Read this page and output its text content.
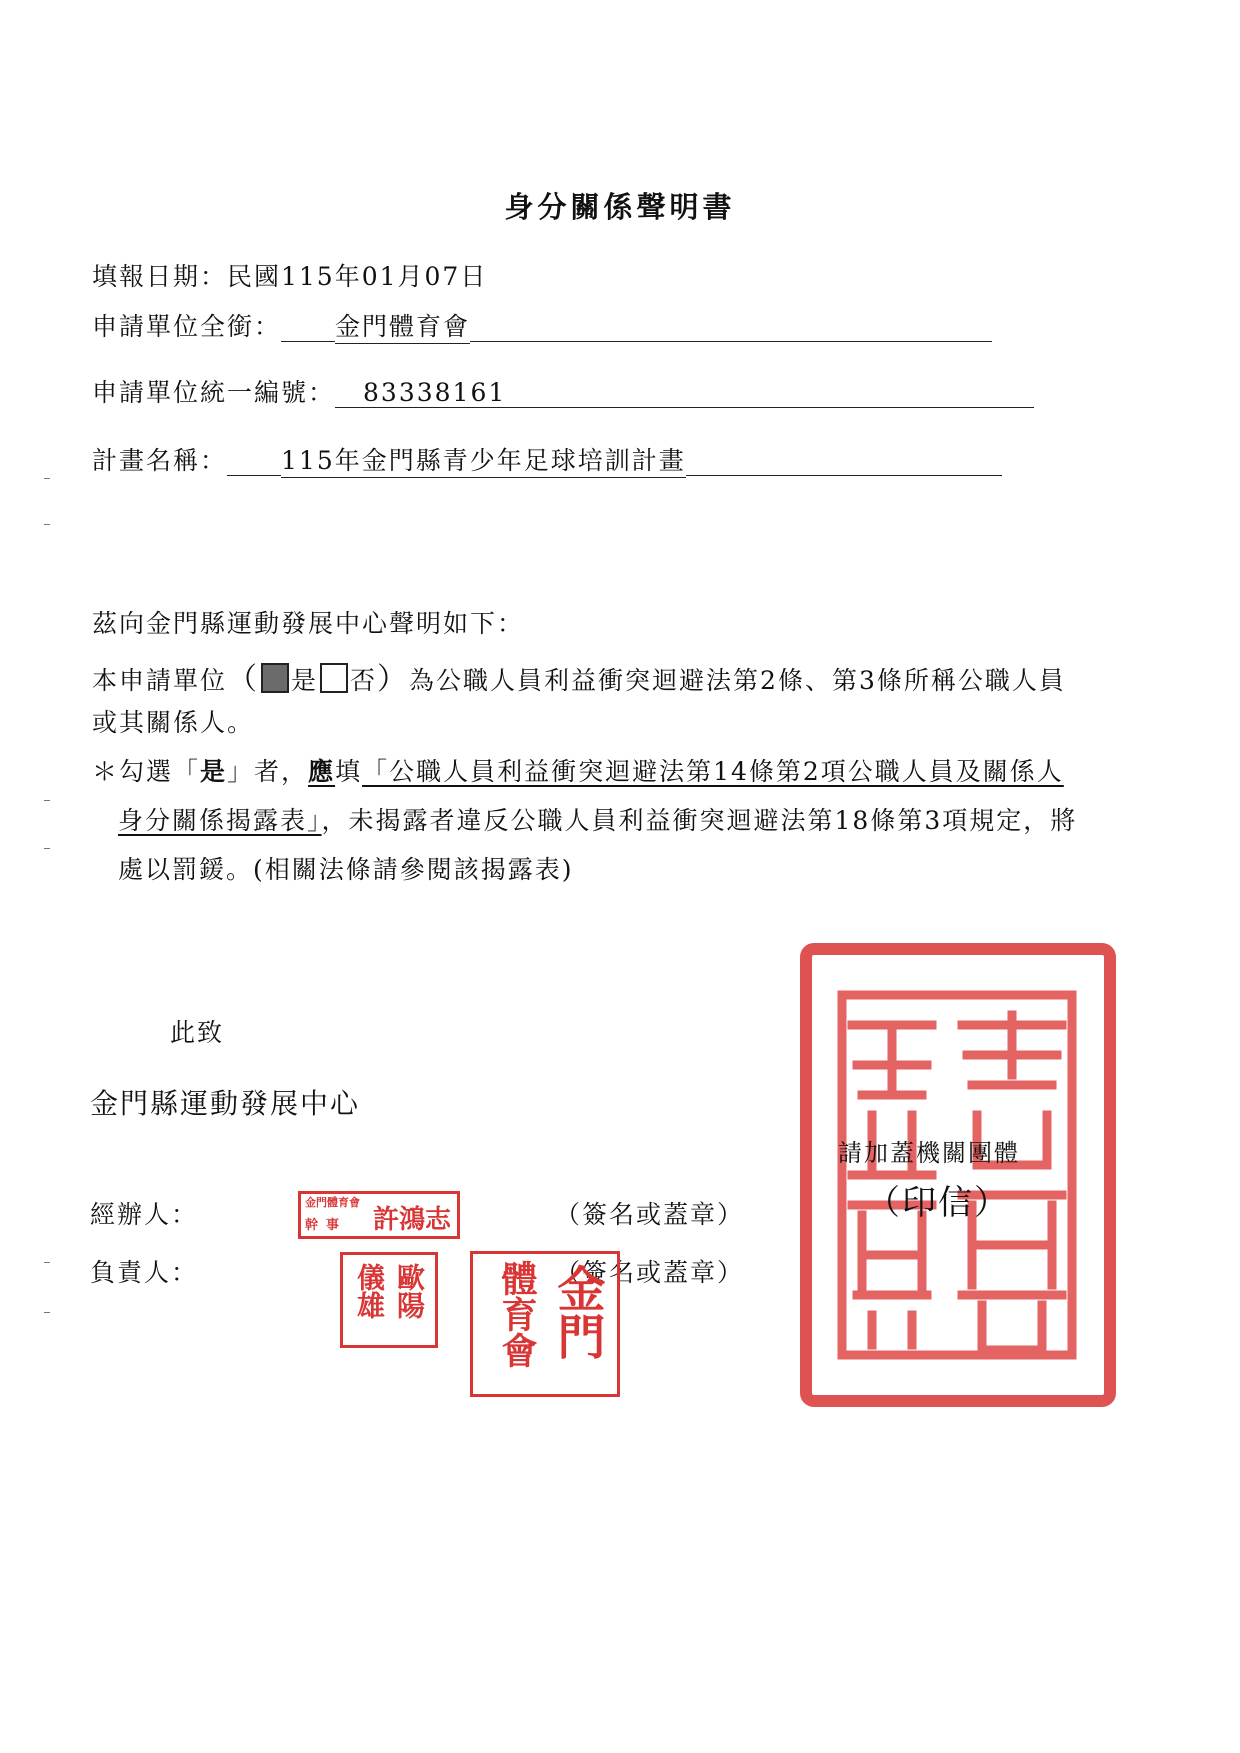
身分關係聲明書
填報日期：民國115年01月07日
申請單位全銜： 金門體育會
申請單位統一編號： 83338161
計畫名稱： 115年金門縣青少年足球培訓計畫
茲向金門縣運動發展中心聲明如下：
本申請單位（ 是 否）為公職人員利益衝突迴避法第2條、第3條所稱公職人員
或其關係人。
＊勾選「是」者，應填「公職人員利益衝突迴避法第14條第2項公職人員及關係人
身分關係揭露表」，未揭露者違反公職人員利益衝突迴避法第18條第3項規定，將
處以罰鍰。(相關法條請參閱該揭露表)
此致
金門縣運動發展中心
經辦人：	（簽名或蓋章）
負責人：	（簽名或蓋章）
金門體育會
幹事 許鴻志
歐陽
儀雄	金門
體育會
請加蓋機關團體
（印信）
